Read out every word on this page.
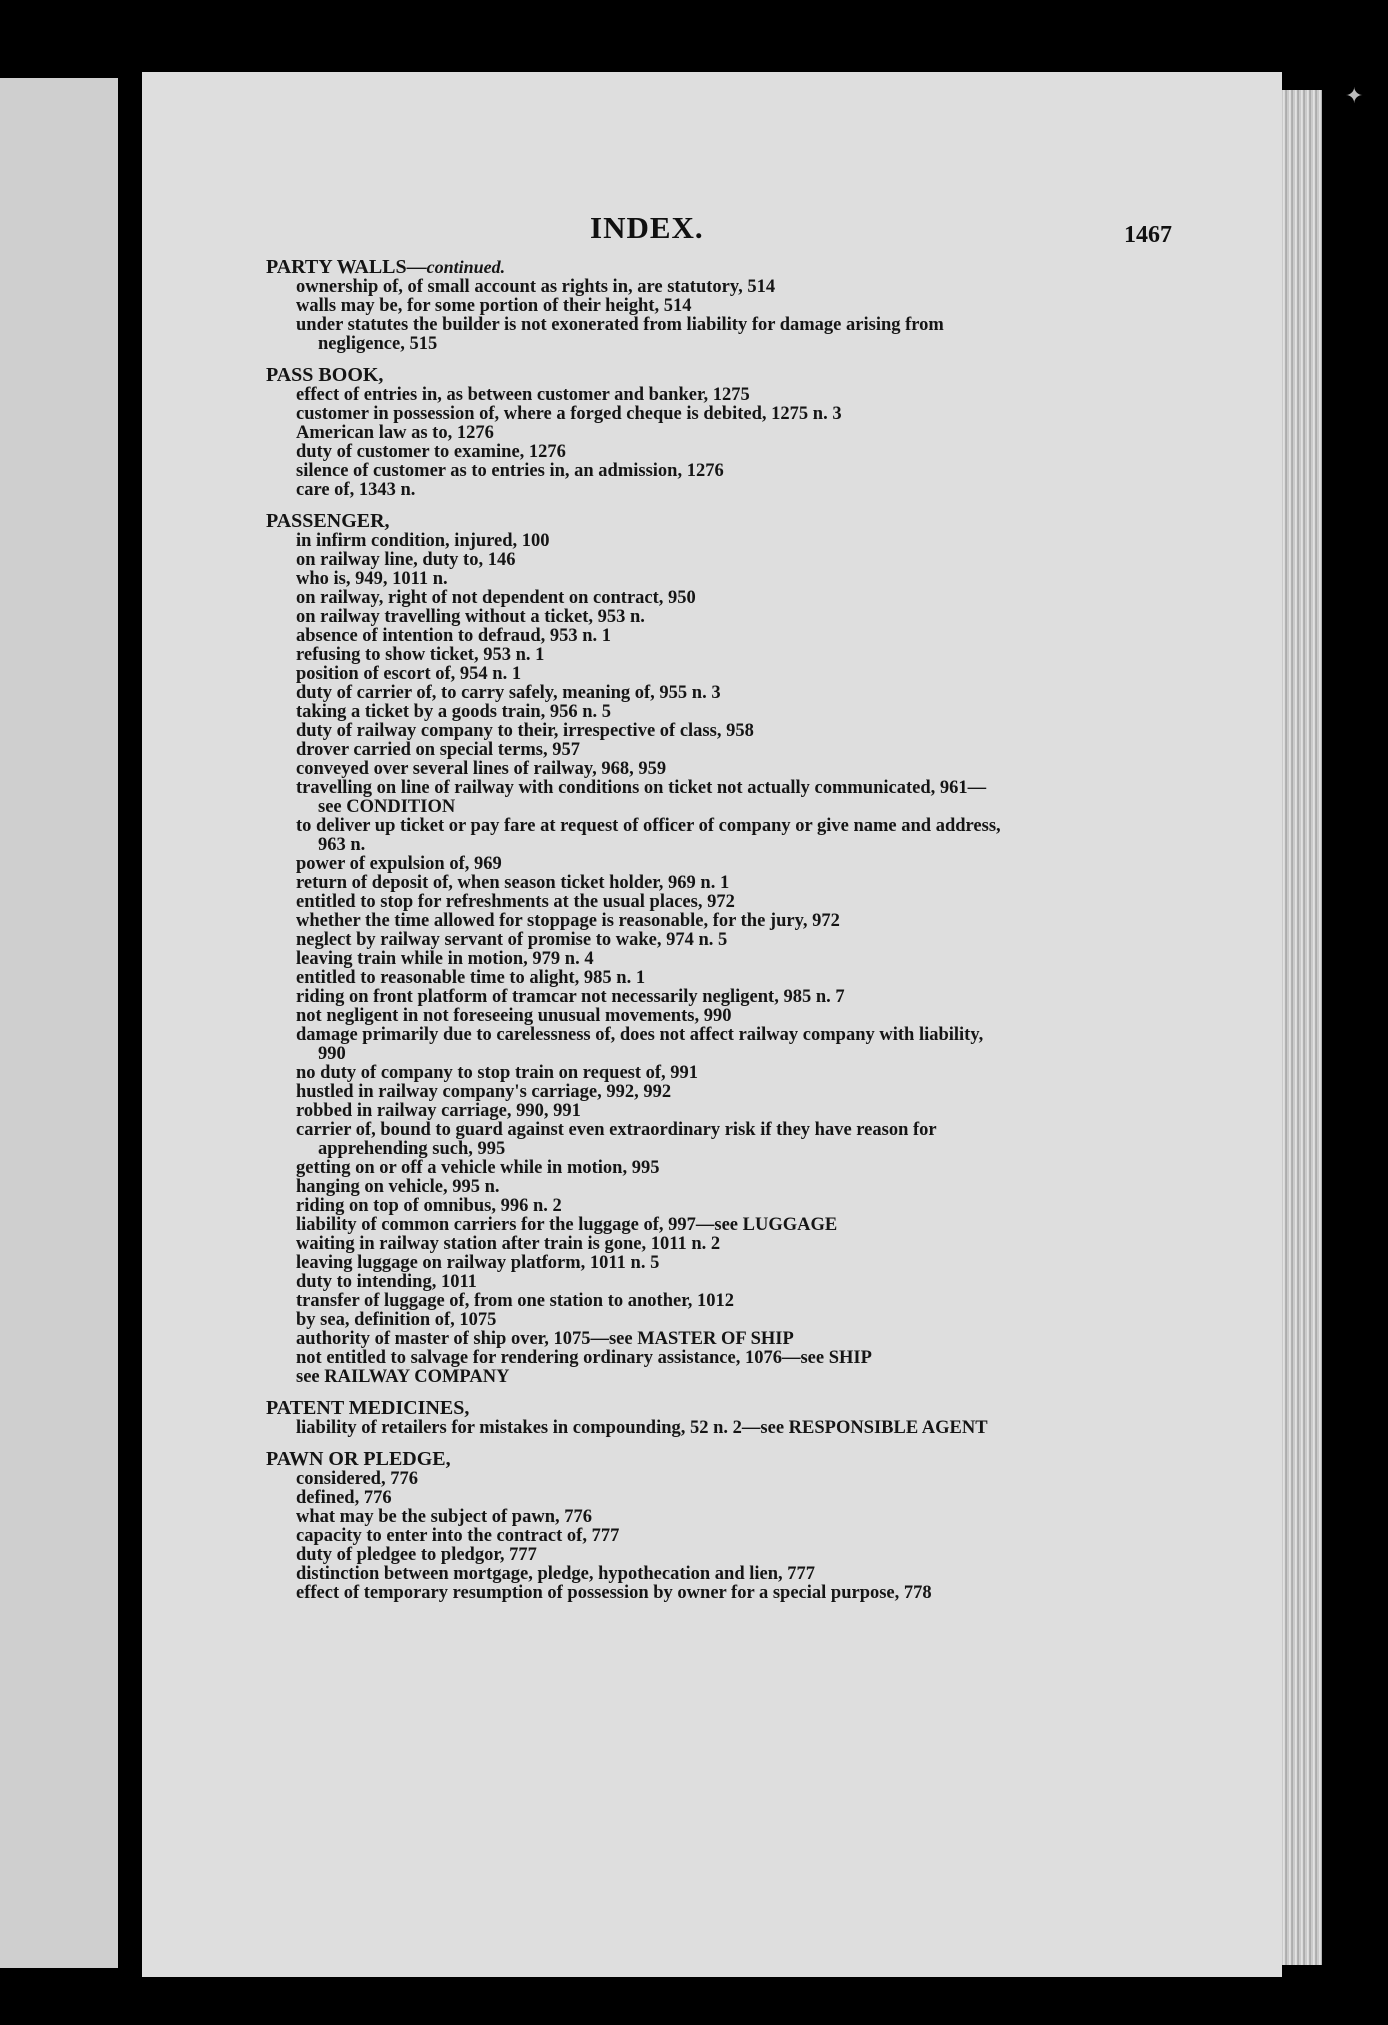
✦
INDEX.	1467
PARTY WALLS—continued.
ownership of, of small account as rights in, are statutory, 514
walls may be, for some portion of their height, 514
under statutes the builder is not exonerated from liability for damage arising from negligence, 515
PASS BOOK,
effect of entries in, as between customer and banker, 1275
customer in possession of, where a forged cheque is debited, 1275 n. 3
American law as to, 1276
duty of customer to examine, 1276
silence of customer as to entries in, an admission, 1276
care of, 1343 n.
PASSENGER,
in infirm condition, injured, 100
on railway line, duty to, 146
who is, 949, 1011 n.
on railway, right of not dependent on contract, 950
on railway travelling without a ticket, 953 n.
absence of intention to defraud, 953 n. 1
refusing to show ticket, 953 n. 1
position of escort of, 954 n. 1
duty of carrier of, to carry safely, meaning of, 955 n. 3
taking a ticket by a goods train, 956 n. 5
duty of railway company to their, irrespective of class, 958
drover carried on special terms, 957
conveyed over several lines of railway, 968, 959
travelling on line of railway with conditions on ticket not actually communicated, 961—see CONDITION
to deliver up ticket or pay fare at request of officer of company or give name and address, 963 n.
power of expulsion of, 969
return of deposit of, when season ticket holder, 969 n. 1
entitled to stop for refreshments at the usual places, 972
whether the time allowed for stoppage is reasonable, for the jury, 972
neglect by railway servant of promise to wake, 974 n. 5
leaving train while in motion, 979 n. 4
entitled to reasonable time to alight, 985 n. 1
riding on front platform of tramcar not necessarily negligent, 985 n. 7
not negligent in not foreseeing unusual movements, 990
damage primarily due to carelessness of, does not affect railway company with liability, 990
no duty of company to stop train on request of, 991
hustled in railway company's carriage, 992, 992
robbed in railway carriage, 990, 991
carrier of, bound to guard against even extraordinary risk if they have reason for apprehending such, 995
getting on or off a vehicle while in motion, 995
hanging on vehicle, 995 n.
riding on top of omnibus, 996 n. 2
liability of common carriers for the luggage of, 997—see LUGGAGE
waiting in railway station after train is gone, 1011 n. 2
leaving luggage on railway platform, 1011 n. 5
duty to intending, 1011
transfer of luggage of, from one station to another, 1012
by sea, definition of, 1075
authority of master of ship over, 1075—see MASTER OF SHIP
not entitled to salvage for rendering ordinary assistance, 1076—see SHIP
see RAILWAY COMPANY
PATENT MEDICINES,
liability of retailers for mistakes in compounding, 52 n. 2—see RESPONSIBLE AGENT
PAWN OR PLEDGE,
considered, 776
defined, 776
what may be the subject of pawn, 776
capacity to enter into the contract of, 777
duty of pledgee to pledgor, 777
distinction between mortgage, pledge, hypothecation and lien, 777
effect of temporary resumption of possession by owner for a special purpose, 778
